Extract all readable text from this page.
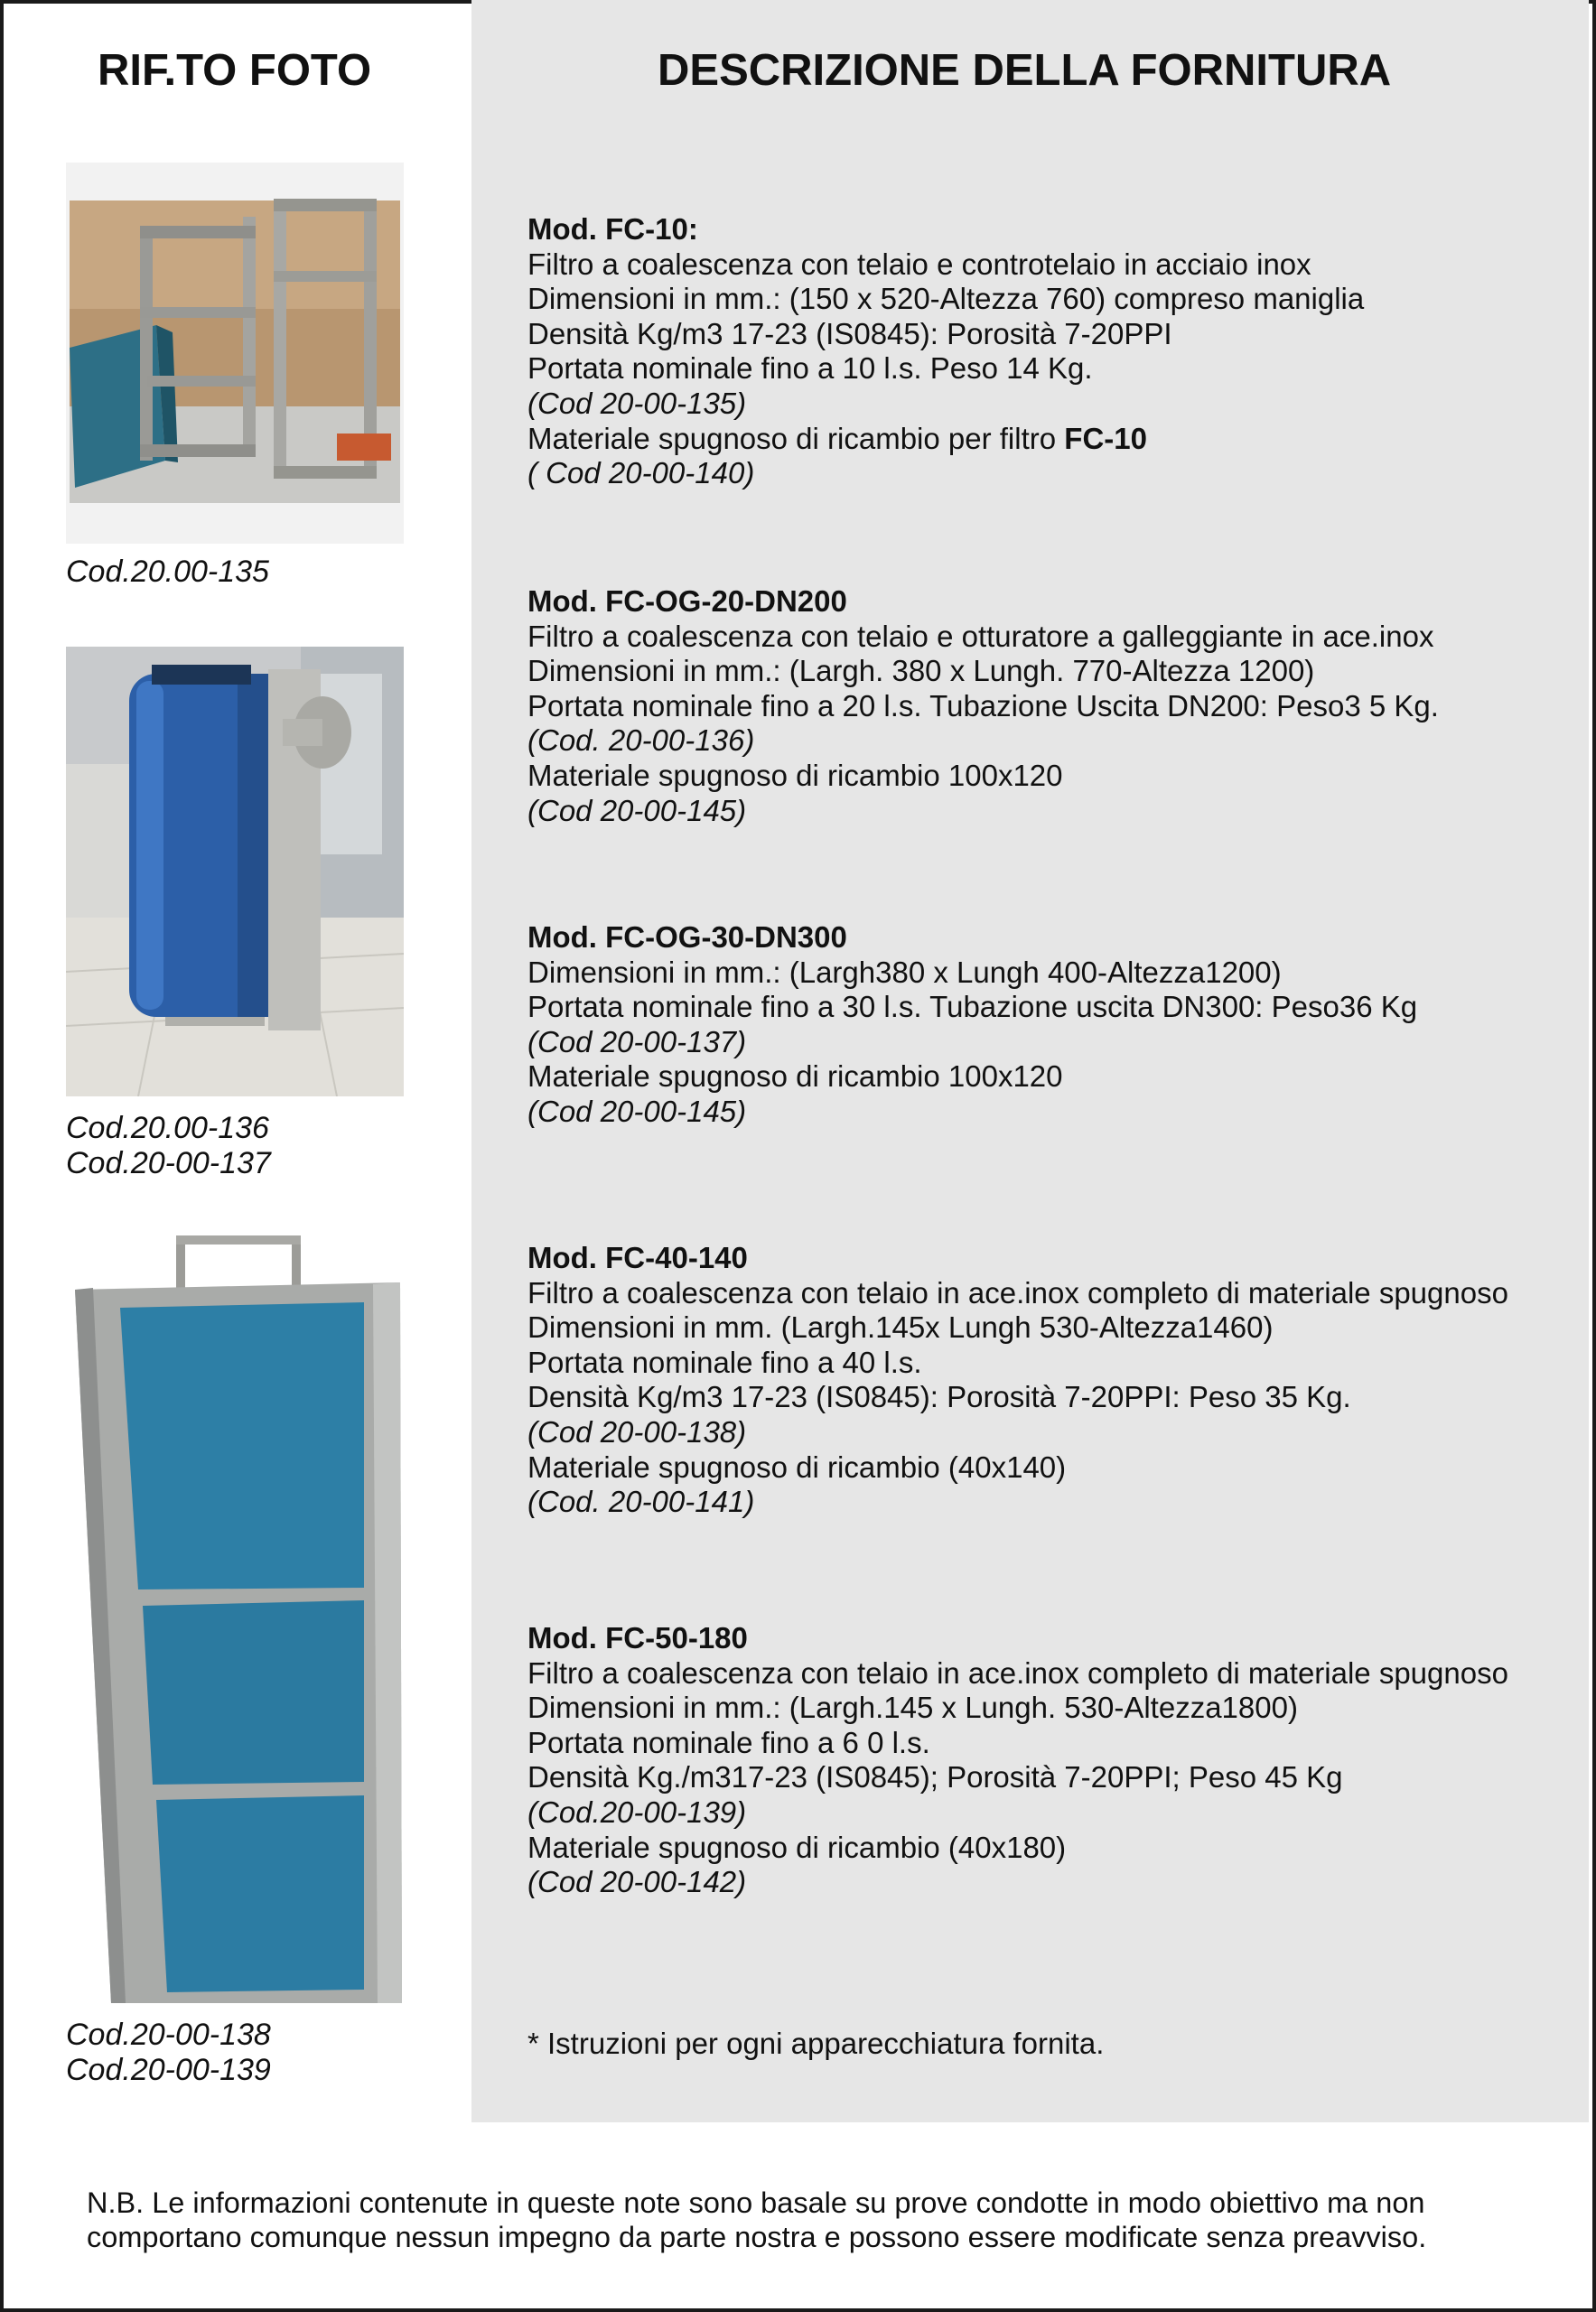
RIF.TO FOTO	DESCRIZIONE DELLA FORNITURA
Cod.20.00-135
Cod.20.00-136
Cod.20-00-137
Cod.20-00-138
Cod.20-00-139
Mod. FC-10:
Filtro a coalescenza con telaio e controtelaio in acciaio inox
Dimensioni in mm.: (150 x 520-Altezza 760) compreso maniglia
Densità Kg/m3 17-23 (IS0845): Porosità 7-20PPI
Portata nominale fino a 10 l.s. Peso 14 Kg.
(Cod 20-00-135)
Materiale spugnoso di ricambio per filtro FC-10
( Cod 20-00-140)
Mod. FC-OG-20-DN200
Filtro a coalescenza con telaio e otturatore a galleggiante in ace.inox
Dimensioni in mm.: (Largh. 380 x Lungh. 770-Altezza 1200)
Portata nominale fino a 20 l.s. Tubazione Uscita DN200: Peso3 5 Kg.
(Cod. 20-00-136)
Materiale spugnoso di ricambio 100x120
(Cod 20-00-145)
Mod. FC-OG-30-DN300
Dimensioni in mm.: (Largh380 x Lungh 400-Altezza1200)
Portata nominale fino a 30 l.s. Tubazione uscita DN300: Peso36 Kg
(Cod 20-00-137)
Materiale spugnoso di ricambio 100x120
(Cod 20-00-145)
Mod. FC-40-140
Filtro a coalescenza con telaio in ace.inox completo di materiale spugnoso
Dimensioni in mm. (Largh.145x Lungh 530-Altezza1460)
Portata nominale fino a 40 l.s.
Densità Kg/m3 17-23 (IS0845): Porosità 7-20PPI: Peso 35 Kg.
(Cod 20-00-138)
Materiale spugnoso di ricambio (40x140)
(Cod. 20-00-141)
Mod. FC-50-180
Filtro a coalescenza con telaio in ace.inox completo di materiale spugnoso
Dimensioni in mm.: (Largh.145 x Lungh. 530-Altezza1800)
Portata nominale fino a 6 0 l.s.
Densità Kg./m317-23 (IS0845); Porosità 7-20PPI; Peso 45 Kg
(Cod.20-00-139)
Materiale spugnoso di ricambio (40x180)
(Cod 20-00-142)
* Istruzioni per ogni apparecchiatura fornita.
N.B. Le informazioni contenute in queste note sono basale su prove condotte in modo obiettivo ma non
comportano comunque nessun impegno da parte nostra e possono essere modificate senza preavviso.
